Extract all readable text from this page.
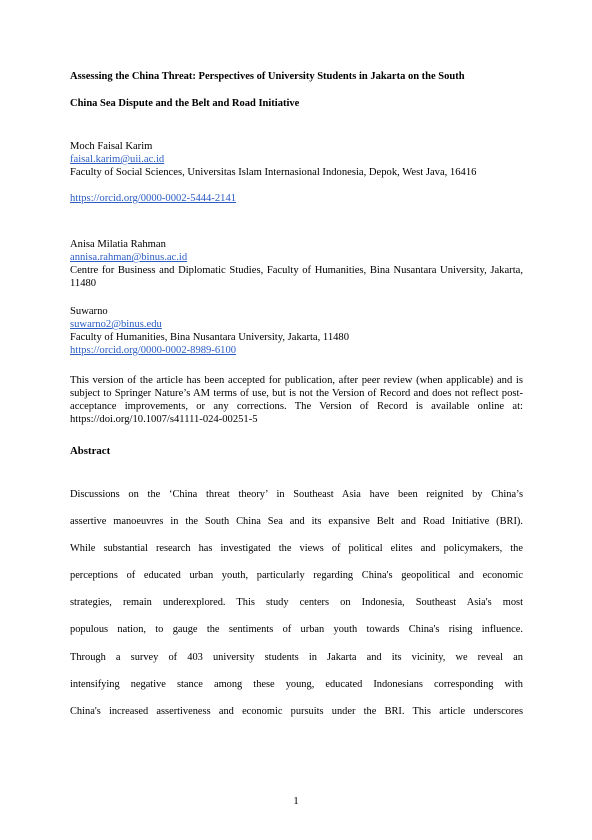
Assessing the China Threat: Perspectives of University Students in Jakarta on the South
China Sea Dispute and the Belt and Road Initiative
Moch Faisal Karim
faisal.karim@uii.ac.id
Faculty of Social Sciences, Universitas Islam Internasional Indonesia, Depok, West Java, 16416
https://orcid.org/0000-0002-5444-2141
Anisa Milatia Rahman
annisa.rahman@binus.ac.id
Centre for Business and Diplomatic Studies, Faculty of Humanities, Bina Nusantara University, Jakarta, 11480
Suwarno
suwarno2@binus.edu
Faculty of Humanities, Bina Nusantara University, Jakarta, 11480
https://orcid.org/0000-0002-8989-6100
This version of the article has been accepted for publication, after peer review (when applicable) and is subject to Springer Nature’s AM terms of use, but is not the Version of Record and does not reflect post-acceptance improvements, or any corrections. The Version of Record is available online at: https://doi.org/10.1007/s41111-024-00251-5
Abstract
Discussions on the ‘China threat theory’ in Southeast Asia have been reignited by China’s
assertive manoeuvres in the South China Sea and its expansive Belt and Road Initiative (BRI).
While substantial research has investigated the views of political elites and policymakers, the
perceptions of educated urban youth, particularly regarding China's geopolitical and economic
strategies, remain underexplored. This study centers on Indonesia, Southeast Asia's most
populous nation, to gauge the sentiments of urban youth towards China's rising influence.
Through a survey of 403 university students in Jakarta and its vicinity, we reveal an
intensifying negative stance among these young, educated Indonesians corresponding with
China's increased assertiveness and economic pursuits under the BRI. This article underscores
1
